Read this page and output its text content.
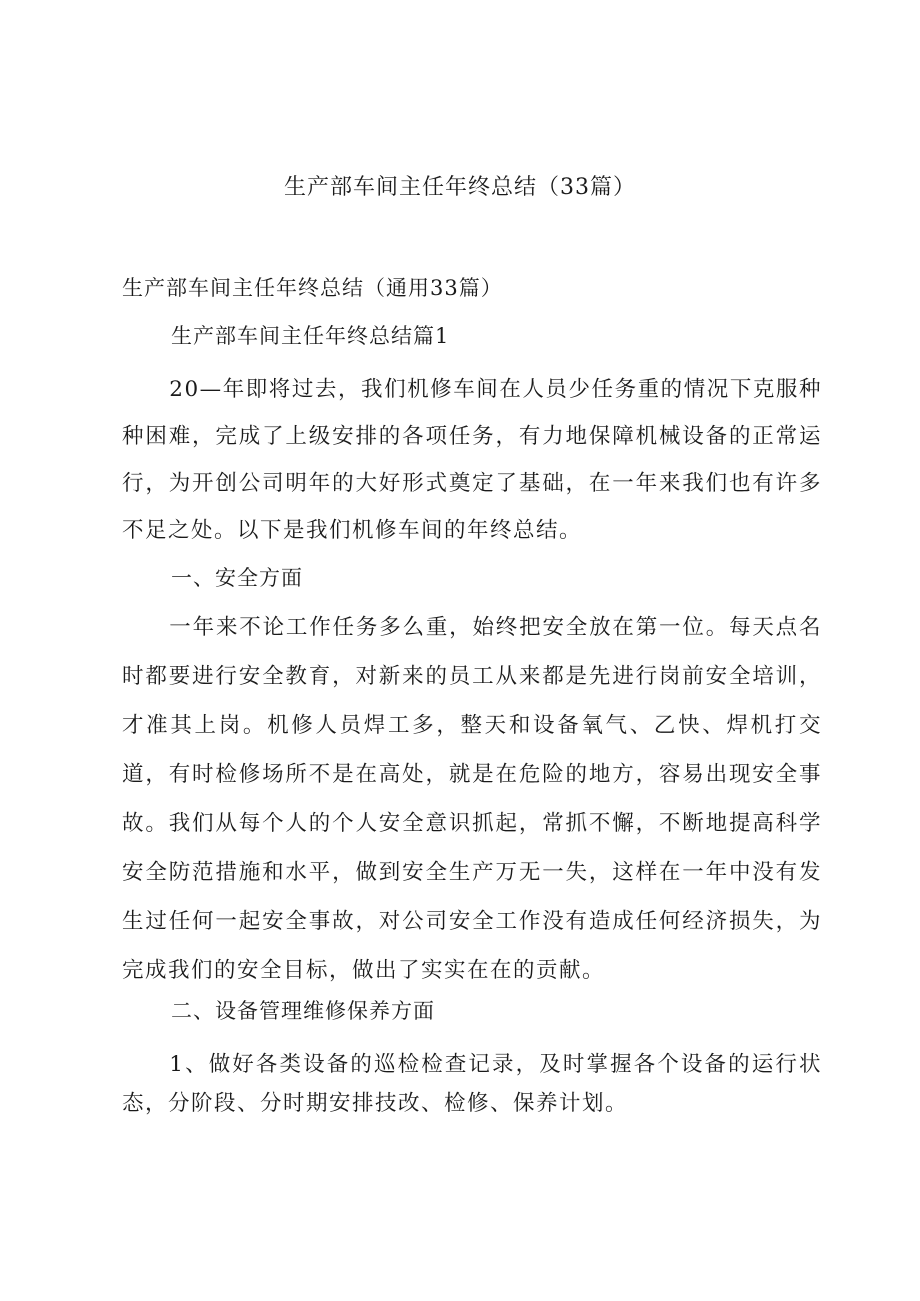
生产部车间主任年终总结（33篇）
生产部车间主任年终总结（通用33篇）
生产部车间主任年终总结篇1
20—年即将过去，我们机修车间在人员少任务重的情况下克服种种困难，完成了上级安排的各项任务，有力地保障机械设备的正常运行，为开创公司明年的大好形式奠定了基础，在一年来我们也有许多不足之处。以下是我们机修车间的年终总结。
一、安全方面
一年来不论工作任务多么重，始终把安全放在第一位。每天点名时都要进行安全教育，对新来的员工从来都是先进行岗前安全培训，才准其上岗。机修人员焊工多，整天和设备氧气、乙快、焊机打交道，有时检修场所不是在高处，就是在危险的地方，容易出现安全事故。我们从每个人的个人安全意识抓起，常抓不懈，不断地提高科学安全防范措施和水平，做到安全生产万无一失，这样在一年中没有发生过任何一起安全事故，对公司安全工作没有造成任何经济损失，为完成我们的安全目标，做出了实实在在的贡献。
二、设备管理维修保养方面
1、做好各类设备的巡检检查记录，及时掌握各个设备的运行状态，分阶段、分时期安排技改、检修、保养计划。
